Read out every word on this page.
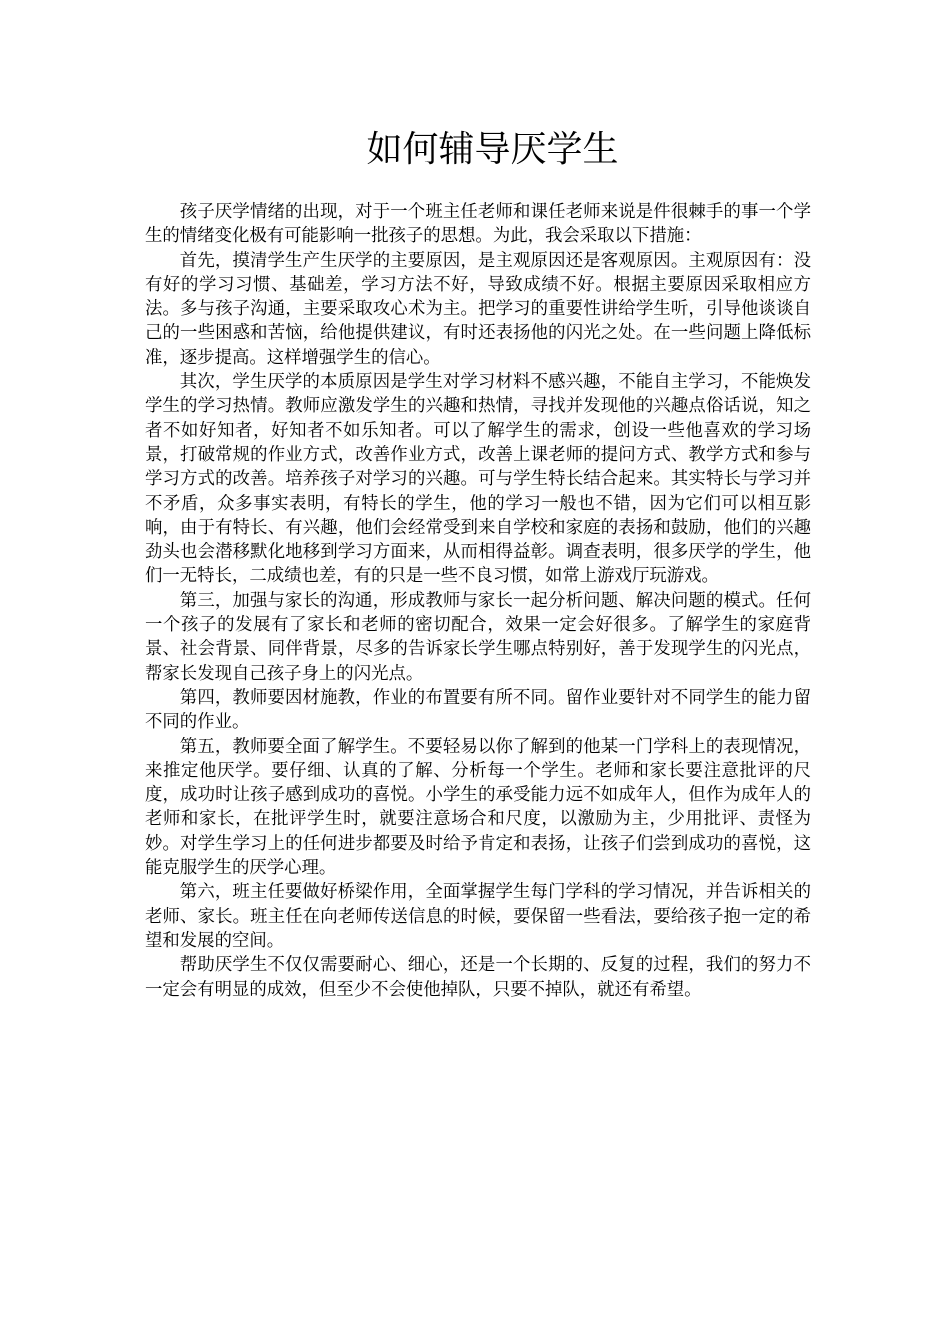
如何辅导厌学生

孩子厌学情绪的出现，对于一个班主任老师和课任老师来说是件很棘手的事一个学生的情绪变化极有可能影响一批孩子的思想。为此，我会采取以下措施：

首先，摸清学生产生厌学的主要原因，是主观原因还是客观原因。主观原因有：没有好的学习习惯、基础差，学习方法不好，导致成绩不好。根据主要原因采取相应方法。多与孩子沟通，主要采取攻心术为主。把学习的重要性讲给学生听，引导他谈谈自己的一些困惑和苦恼，给他提供建议，有时还表扬他的闪光之处。在一些问题上降低标准，逐步提高。这样增强学生的信心。

其次，学生厌学的本质原因是学生对学习材料不感兴趣，不能自主学习，不能焕发学生的学习热情。教师应激发学生的兴趣和热情，寻找并发现他的兴趣点俗话说，知之者不如好知者，好知者不如乐知者。可以了解学生的需求，创设一些他喜欢的学习场景，打破常规的作业方式，改善作业方式，改善上课老师的提问方式、教学方式和参与学习方式的改善。培养孩子对学习的兴趣。可与学生特长结合起来。其实特长与学习并不矛盾，众多事实表明，有特长的学生，他的学习一般也不错，因为它们可以相互影响，由于有特长、有兴趣，他们会经常受到来自学校和家庭的表扬和鼓励，他们的兴趣劲头也会潜移默化地移到学习方面来，从而相得益彰。调查表明，很多厌学的学生，他们一无特长，二成绩也差，有的只是一些不良习惯，如常上游戏厅玩游戏。

第三，加强与家长的沟通，形成教师与家长一起分析问题、解决问题的模式。任何一个孩子的发展有了家长和老师的密切配合，效果一定会好很多。了解学生的家庭背景、社会背景、同伴背景，尽多的告诉家长学生哪点特别好，善于发现学生的闪光点，帮家长发现自己孩子身上的闪光点。

第四，教师要因材施教，作业的布置要有所不同。留作业要针对不同学生的能力留不同的作业。

第五，教师要全面了解学生。不要轻易以你了解到的他某一门学科上的表现情况，来推定他厌学。要仔细、认真的了解、分析每一个学生。老师和家长要注意批评的尺度，成功时让孩子感到成功的喜悦。小学生的承受能力远不如成年人，但作为成年人的老师和家长，在批评学生时，就要注意场合和尺度，以激励为主，少用批评、责怪为妙。对学生学习上的任何进步都要及时给予肯定和表扬，让孩子们尝到成功的喜悦，这能克服学生的厌学心理。

第六，班主任要做好桥梁作用，全面掌握学生每门学科的学习情况，并告诉相关的老师、家长。班主任在向老师传送信息的时候，要保留一些看法，要给孩子抱一定的希望和发展的空间。

帮助厌学生不仅仅需要耐心、细心，还是一个长期的、反复的过程，我们的努力不一定会有明显的成效，但至少不会使他掉队，只要不掉队，就还有希望。
